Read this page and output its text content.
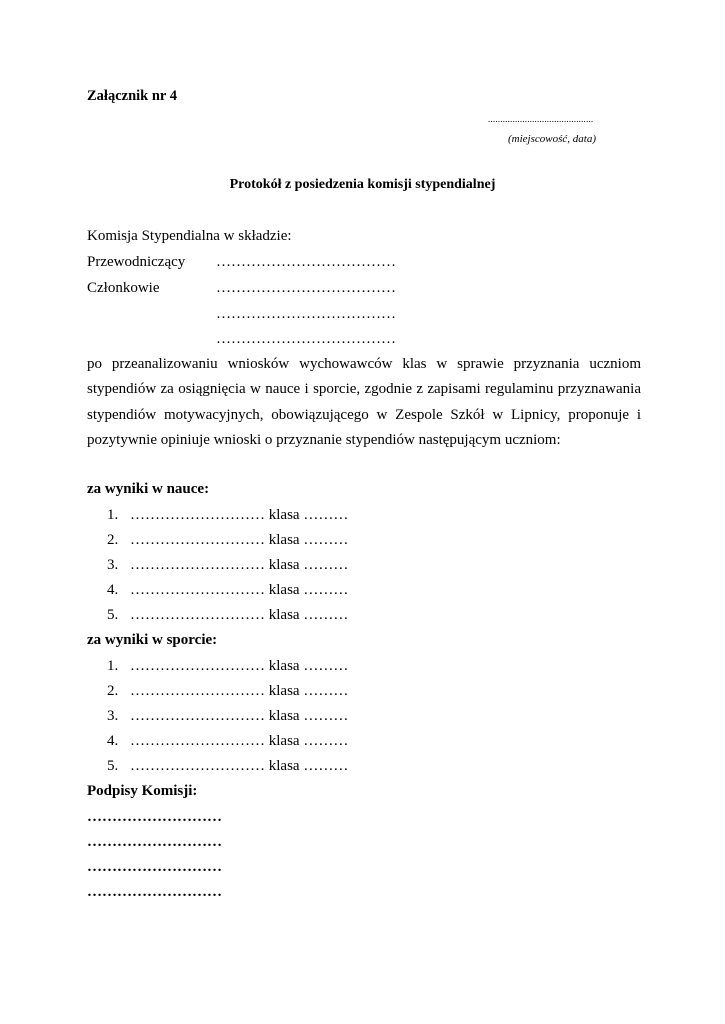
Załącznik nr 4
...........................................
(miejscowość, data)
Protokół z posiedzenia komisji stypendialnej
Komisja Stypendialna w składzie:
Przewodniczący ………………………………
Członkowie	………………………………
………………………………
………………………………
po przeanalizowaniu wniosków wychowawców klas w sprawie przyznania uczniom stypendiów za osiągnięcia w nauce i sporcie, zgodnie z zapisami regulaminu przyznawania stypendiów motywacyjnych, obowiązującego w Zespole Szkół w Lipnicy, proponuje i pozytywnie opiniuje wnioski o przyznanie stypendiów następującym uczniom:
za wyniki w nauce:
1. ……………………… klasa ………
2. ……………………… klasa ………
3. ……………………… klasa ………
4. ……………………… klasa ………
5. ……………………… klasa ………
za wyniki w sporcie:
1. ……………………… klasa ………
2. ……………………… klasa ………
3. ……………………… klasa ………
4. ……………………… klasa ………
5. ……………………… klasa ………
Podpisy Komisji:
………………………
………………………
………………………
………………………
